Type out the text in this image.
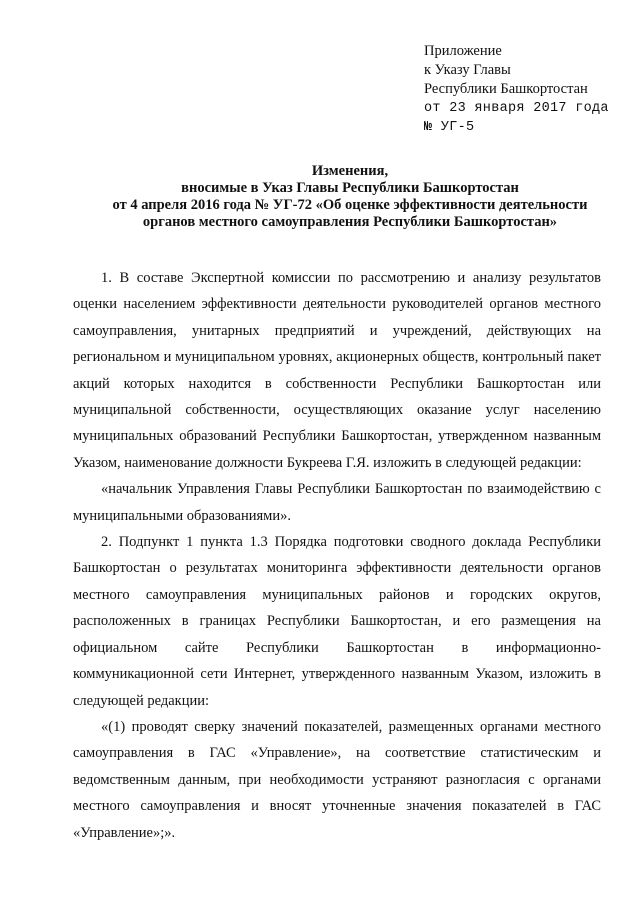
Приложение
к Указу Главы
Республики Башкортостан
от 23 января 2017 года
№ УГ-5
Изменения,
вносимые в Указ Главы Республики Башкортостан
от 4 апреля 2016 года № УГ-72 «Об оценке эффективности деятельности
органов местного самоуправления Республики Башкортостан»

1. В составе Экспертной комиссии по рассмотрению и анализу результатов оценки населением эффективности деятельности руководителей органов местного самоуправления, унитарных предприятий и учреждений, действующих на региональном и муниципальном уровнях, акционерных обществ, контрольный пакет акций которых находится в собственности Республики Башкортостан или муниципальной собственности, осуществляющих оказание услуг населению муниципальных образований Республики Башкортостан, утвержденном названным Указом, наименование должности Букреева Г.Я. изложить в следующей редакции:

«начальник Управления Главы Республики Башкортостан по взаимодействию с муниципальными образованиями».

2. Подпункт 1 пункта 1.3 Порядка подготовки сводного доклада Республики Башкортостан о результатах мониторинга эффективности деятельности органов местного самоуправления муниципальных районов и городских округов, расположенных в границах Республики Башкортостан, и его размещения на официальном сайте Республики Башкортостан в информационно-коммуникационной сети Интернет, утвержденного названным Указом, изложить в следующей редакции:

«(1) проводят сверку значений показателей, размещенных органами местного самоуправления в ГАС «Управление», на соответствие статистическим и ведомственным данным, при необходимости устраняют разногласия с органами местного самоуправления и вносят уточненные значения показателей в ГАС «Управление»;».
